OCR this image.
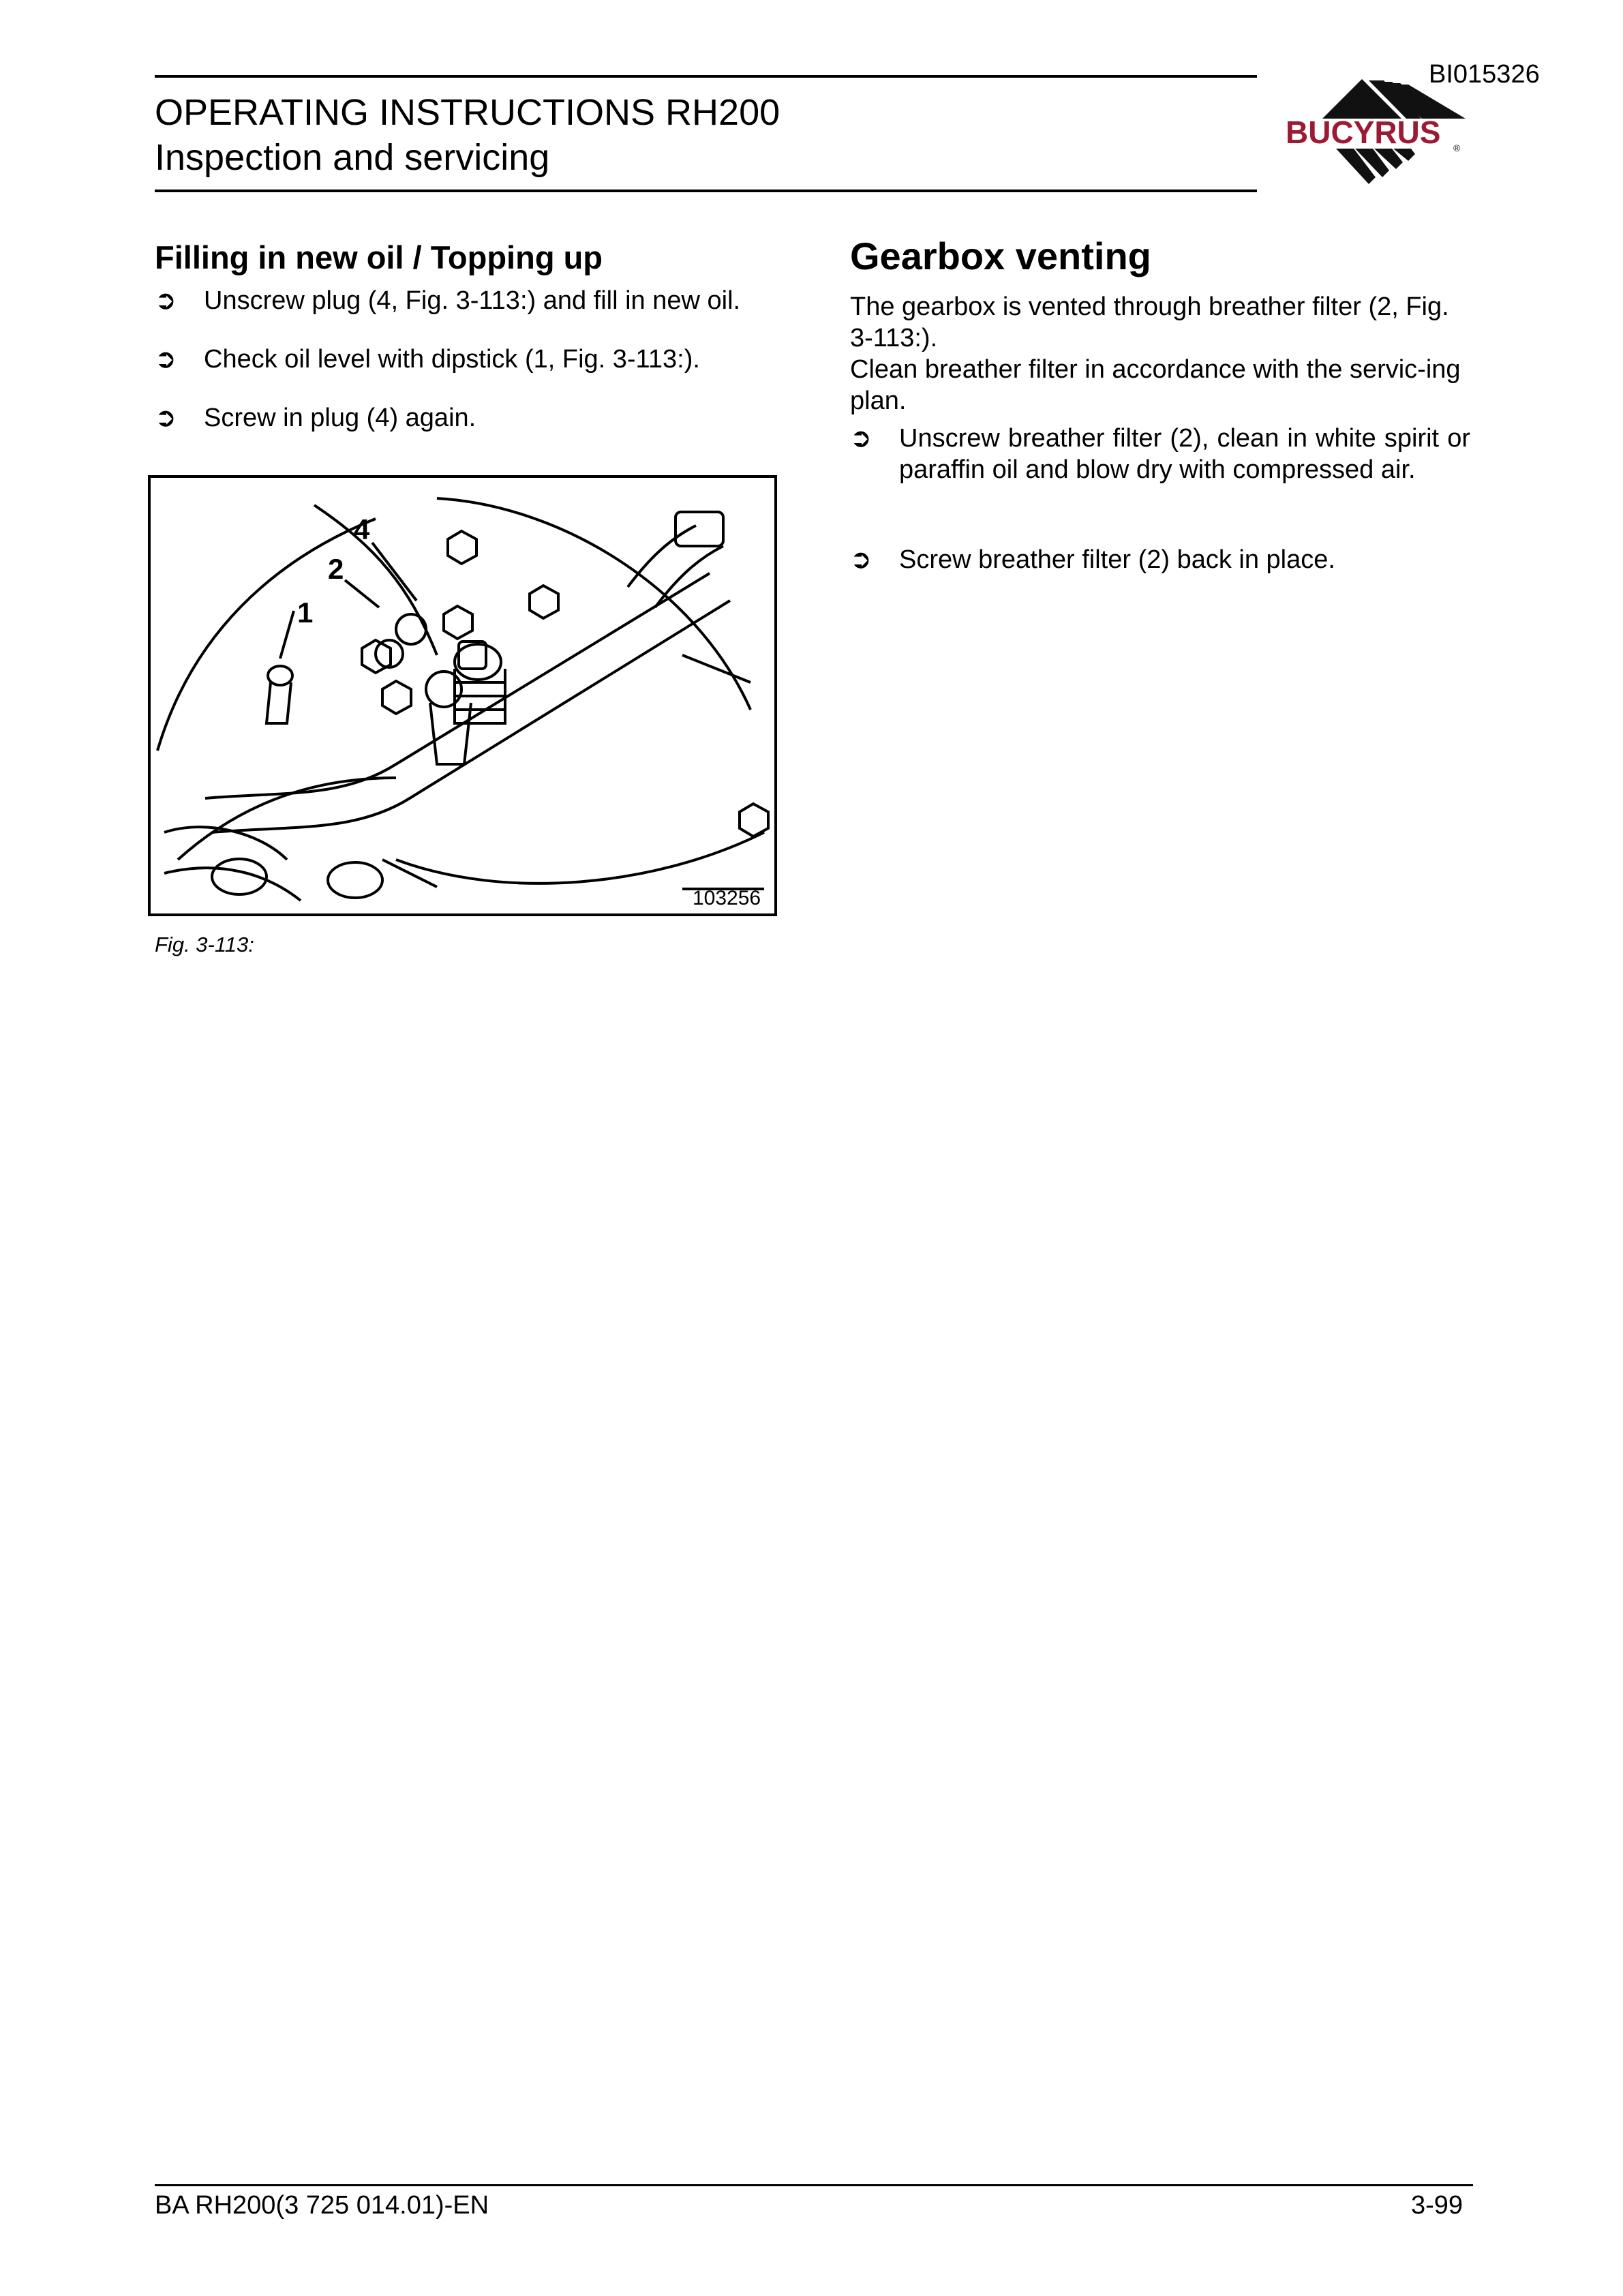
BI015326
OPERATING INSTRUCTIONS RH200
Inspection and servicing
BUCYRUS ®
Filling in new oil / Topping up
➲ Unscrew plug (4, Fig. 3-113:) and fill in new oil.
➲ Check oil level with dipstick (1, Fig. 3-113:).
➲ Screw in plug (4) again.
4
2
1
103256
Fig. 3-113:
Gearbox venting
The gearbox is vented through breather filter (2, Fig. 3-113:).
Clean breather filter in accordance with the servic-ing plan.
➲ Unscrew breather filter (2), clean in white spirit or paraffin oil and blow dry with compressed air.
➲ Screw breather filter (2) back in place.
BA RH200(3 725 014.01)-EN	3-99
